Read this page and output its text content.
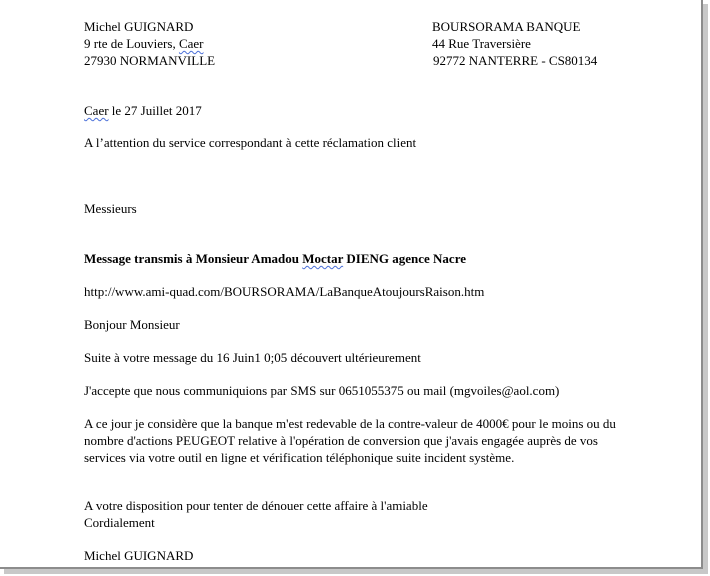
Michel GUIGNARD
9 rte de Louviers, Caer
27930 NORMANVILLE
BOURSORAMA BANQUE
44 Rue Traversière
92772 NANTERRE - CS80134
Caer le 27 Juillet 2017
A l’attention du service correspondant à cette réclamation client
Messieurs
Message transmis à Monsieur Amadou Moctar DIENG agence Nacre
http://www.ami-quad.com/BOURSORAMA/LaBanqueAtoujoursRaison.htm
Bonjour Monsieur
Suite à votre message du 16 Juin1 0;05 découvert ultérieurement
J'accepte que nous communiquions par SMS sur 0651055375 ou mail (mgvoiles@aol.com)
A ce jour je considère que la banque m'est redevable de la contre-valeur de 4000€ pour le moins ou du nombre d'actions PEUGEOT relative à l'opération de conversion que j'avais engagée auprès de vos services via votre outil en ligne et vérification téléphonique suite incident système.
A votre disposition pour tenter de dénouer cette affaire à l'amiable
Cordialement
Michel GUIGNARD
